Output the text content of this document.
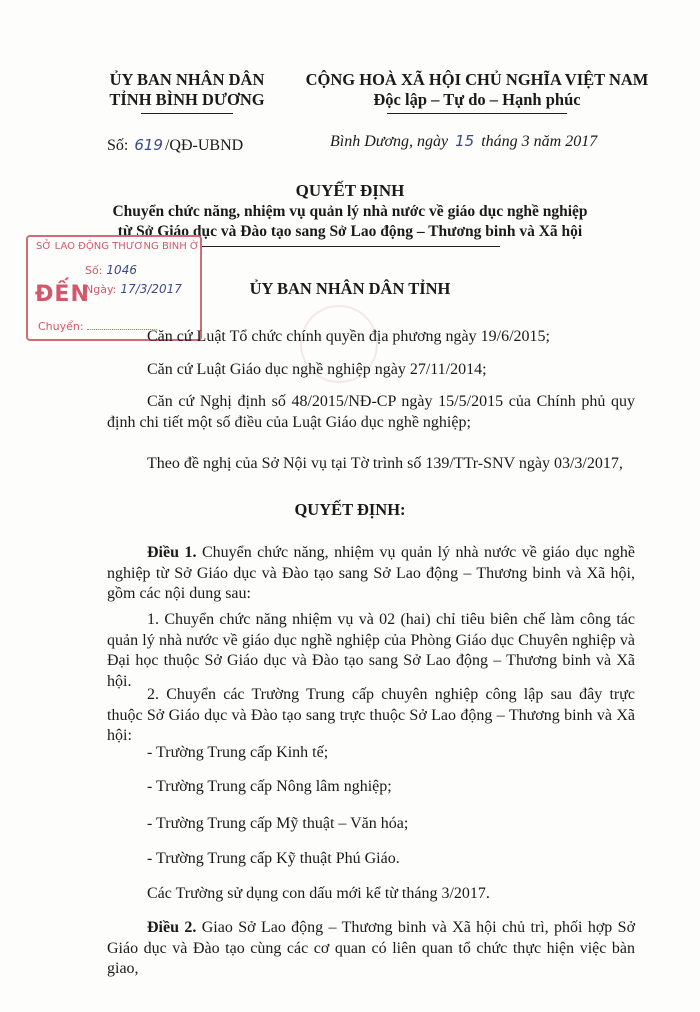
ỦY BAN NHÂN DÂN
TỈNH BÌNH DƯƠNG
CỘNG HOÀ XÃ HỘI CHỦ NGHĨA VIỆT NAM
Độc lập – Tự do – Hạnh phúc
Số: 619 /QĐ-UBND	Bình Dương, ngày 15 tháng 3 năm 2017
QUYẾT ĐỊNH
Chuyển chức năng, nhiệm vụ quản lý nhà nước về giáo dục nghề nghiệp
từ Sở Giáo dục và Đào tạo sang Sở Lao động – Thương binh và Xã hội
SỞ LAO ĐỘNG THƯƠNG BINH Ờ
ĐẾN
Số: 1046
Ngày: 17/3/2017
Chuyển:
ỦY BAN NHÂN DÂN TỈNH
Căn cứ Luật Tổ chức chính quyền địa phương ngày 19/6/2015;
Căn cứ Luật Giáo dục nghề nghiệp ngày 27/11/2014;
Căn cứ Nghị định số 48/2015/NĐ-CP ngày 15/5/2015 của Chính phủ quy định chi tiết một số điều của Luật Giáo dục nghề nghiệp;
Theo đề nghị của Sở Nội vụ tại Tờ trình số 139/TTr-SNV ngày 03/3/2017,
QUYẾT ĐỊNH:
Điều 1. Chuyển chức năng, nhiệm vụ quản lý nhà nước về giáo dục nghề nghiệp từ Sở Giáo dục và Đào tạo sang Sở Lao động – Thương binh và Xã hội, gồm các nội dung sau:
1. Chuyển chức năng nhiệm vụ và 02 (hai) chỉ tiêu biên chế làm công tác quản lý nhà nước về giáo dục nghề nghiệp của Phòng Giáo dục Chuyên nghiệp và Đại học thuộc Sở Giáo dục và Đào tạo sang Sở Lao động – Thương binh và Xã hội.
2. Chuyển các Trường Trung cấp chuyên nghiệp công lập sau đây trực thuộc Sở Giáo dục và Đào tạo sang trực thuộc Sở Lao động – Thương binh và Xã hội:
- Trường Trung cấp Kinh tế;
- Trường Trung cấp Nông lâm nghiệp;
- Trường Trung cấp Mỹ thuật – Văn hóa;
- Trường Trung cấp Kỹ thuật Phú Giáo.
Các Trường sử dụng con dấu mới kể từ tháng 3/2017.
Điều 2. Giao Sở Lao động – Thương binh và Xã hội chủ trì, phối hợp Sở Giáo dục và Đào tạo cùng các cơ quan có liên quan tổ chức thực hiện việc bàn giao,
